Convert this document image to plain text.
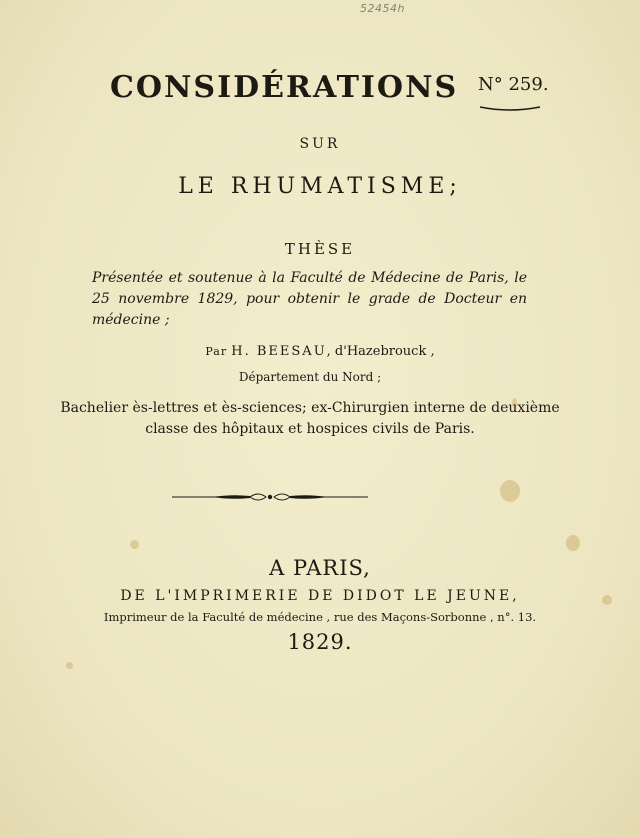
52454h
CONSIDÉRATIONS N° 259.
SUR
LE RHUMATISME;
THÈSE
Présentée et soutenue à la Faculté de Médecine de Paris, le 25 novembre 1829, pour obtenir le grade de Docteur en médecine ;
Par H. BEESAU, d'Hazebrouck ,
Département du Nord ;
Bachelier ès-lettres et ès-sciences; ex-Chirurgien interne de deuxième
classe des hôpitaux et hospices civils de Paris.
A PARIS,
DE L'IMPRIMERIE DE DIDOT LE JEUNE,
Imprimeur de la Faculté de médecine , rue des Maçons-Sorbonne , n°. 13.
1829.
